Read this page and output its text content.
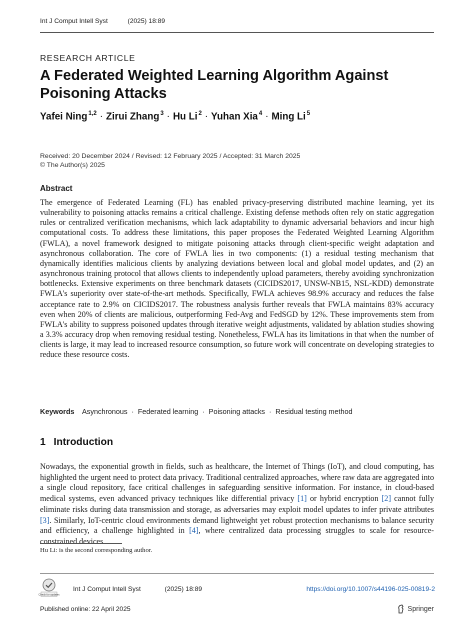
Int J Comput Intell Syst	(2025) 18:89
RESEARCH ARTICLE
A Federated Weighted Learning Algorithm Against Poisoning Attacks
Yafei Ning$^{1,2}$ · Zirui Zhang$^3$ · Hu $Li^2$ · Yuhan Xia$^4$ · Ming Li$^5$
Received: 20 December 2024 / Revised: 12 February 2025 / Accepted: 31 March 2025
© The Author(s) 2025
Abstract
The emergence of Federated Learning (FL) has enabled privacy-preserving distributed machine learning, yet its vulnerability to poisoning attacks remains a critical challenge. Existing defense methods often rely on static aggregation rules or centralized verification mechanisms, which lack adaptability to dynamic adversarial behaviors and incur high computational costs. To address these limitations, this paper proposes the Federated Weighted Learning Algorithm (FWLA), a novel framework designed to mitigate poisoning attacks through client-specific weight adaptation and asynchronous collaboration. The core of FWLA lies in two components: (1) a residual testing mechanism that dynamically identifies malicious clients by analyzing deviations between local and global model updates, and (2) an asynchronous training protocol that allows clients to independently upload parameters, thereby avoiding synchronization bottlenecks. Extensive experiments on three benchmark datasets (CICIDS2017, UNSW-NB15, NSL-KDD) demonstrate FWLA's superiority over state-of-the-art methods. Specifically, FWLA achieves 98.9% accuracy and reduces the false acceptance rate to 2.9% on CICIDS2017. The robustness analysis further reveals that FWLA maintains 83% accuracy even when 20% of clients are malicious, outperforming Fed-Avg and FedSGD by 12%. These improvements stem from FWLA's ability to suppress poisoned updates through iterative weight adjustments, validated by ablation studies showing a 3.3% accuracy drop when removing residual testing. Nonetheless, FWLA has its limitations in that when the number of clients is large, it may lead to increased resource consumption, so future work will concentrate on developing strategies to reduce these resource costs.
Keywords Asynchronous · Federated learning · Poisoning attacks · Residual testing method
1 Introduction
Nowadays, the exponential growth in fields, such as healthcare, the Internet of Things (IoT), and cloud computing, has highlighted the urgent need to protect data privacy. Traditional centralized approaches, where raw data are aggregated into a single cloud repository, face critical challenges in safeguarding sensitive information. For instance, in cloud-based medical systems, even advanced privacy techniques like differential privacy [1] or hybrid encryption [2] cannot fully eliminate risks during data transmission and storage, as adversaries may exploit model updates to infer private attributes [3]. Similarly, IoT-centric cloud environments demand lightweight yet robust protection mechanisms to balance security and efficiency, a challenge highlighted in [4], where centralized data processing struggles to scale for resource-constrained devices.
Hu Li: is the second corresponding author.
Check for updates
Int J Comput Intell Syst	(2025) 18:89	https://doi.org/10.1007/s44196-025-00819-2
Published online: 22 April 2025	Springer
